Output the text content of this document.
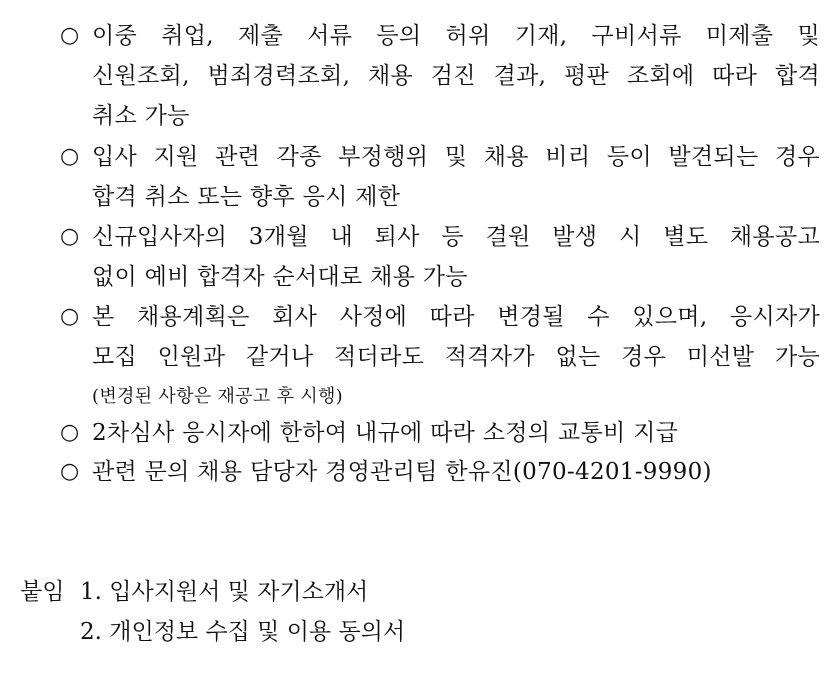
○ 이중 취업, 제출 서류 등의 허위 기재, 구비서류 미제출 및
신원조회, 범죄경력조회, 채용 검진 결과, 평판 조회에 따라 합격
취소 가능
○ 입사 지원 관련 각종 부정행위 및 채용 비리 등이 발견되는 경우
합격 취소 또는 향후 응시 제한
○ 신규입사자의 3개월 내 퇴사 등 결원 발생 시 별도 채용공고
없이 예비 합격자 순서대로 채용 가능
○ 본 채용계획은 회사 사정에 따라 변경될 수 있으며, 응시자가
모집 인원과 같거나 적더라도 적격자가 없는 경우 미선발 가능
(변경된 사항은 재공고 후 시행)
○ 2차심사 응시자에 한하여 내규에 따라 소정의 교통비 지급
○ 관련 문의 채용 담당자 경영관리팀 한유진(070-4201-9990)
붙임 1. 입사지원서 및 자기소개서
2. 개인정보 수집 및 이용 동의서
